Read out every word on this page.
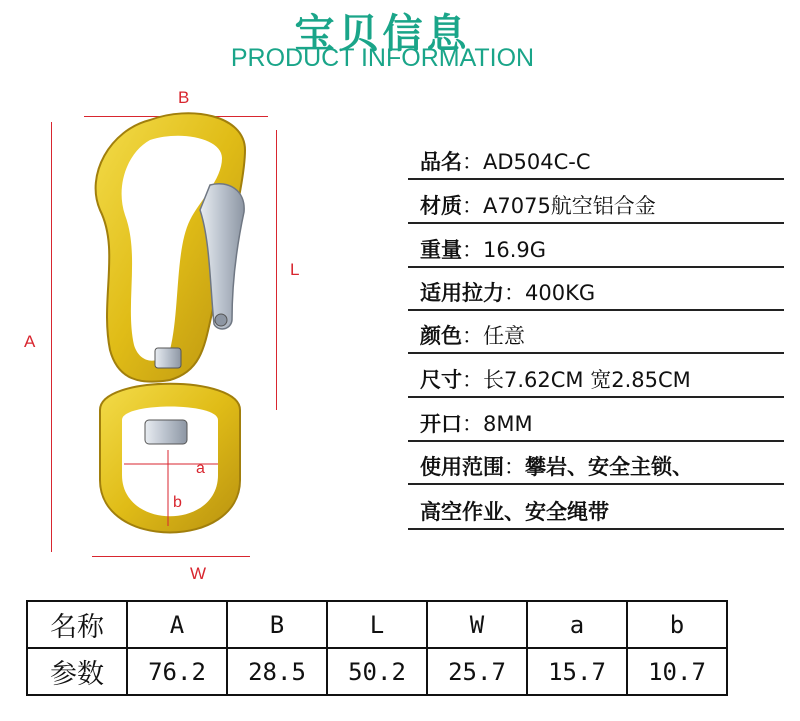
宝贝信息
PRODUCT INFORMATION
B
A
L
W
a
b
品名：AD504C-C
材质：A7075航空铝合金
重量：16.9G
适用拉力：400KG
颜色：任意
尺寸：长7.62CM 宽2.85CM
开口：8MM
使用范围：攀岩、安全主锁、
高空作业、安全绳带
名称	A	B	L	W	a	b
参数	76.2	28.5	50.2	25.7	15.7	10.7
